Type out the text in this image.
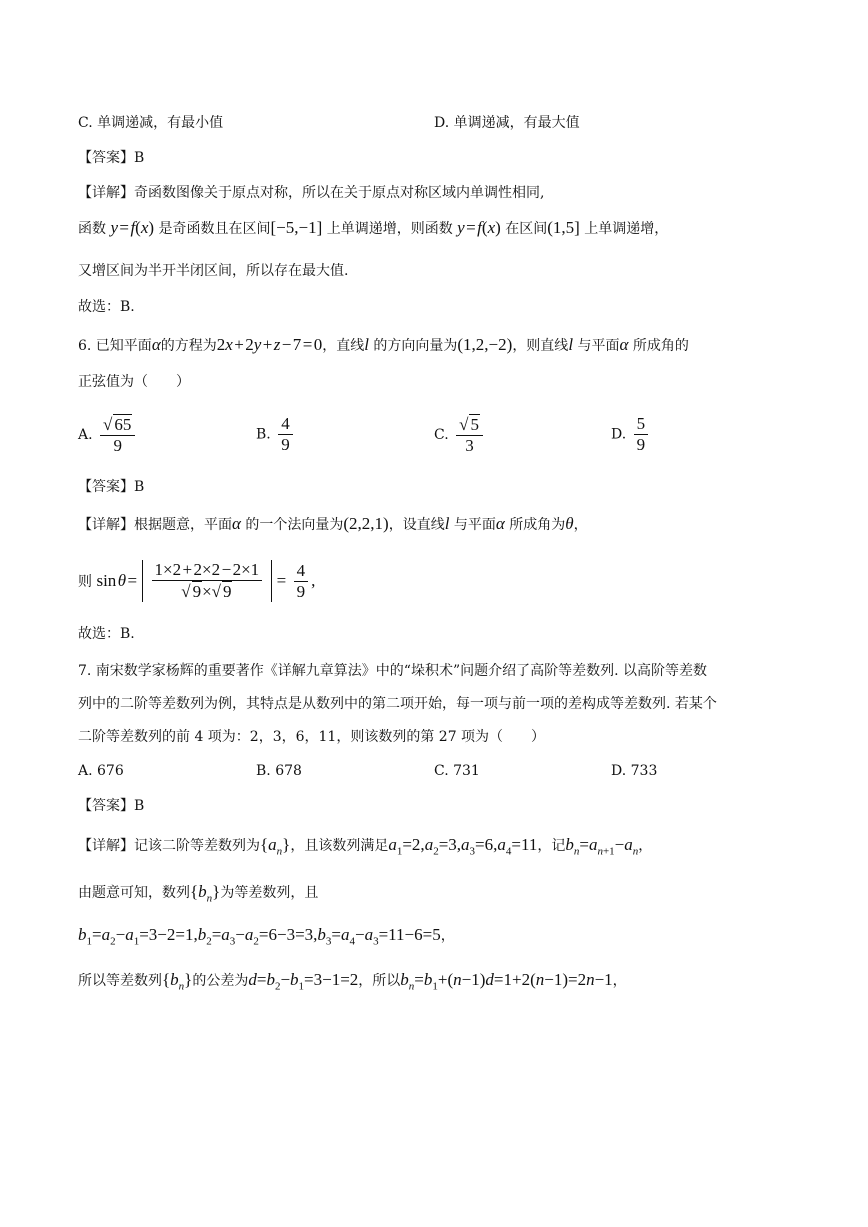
C. 单调递减，有最小值	D. 单调递减，有最大值
【答案】B
【详解】奇函数图像关于原点对称，所以在关于原点对称区域内单调性相同,
函数 y = f(x) 是奇函数且在区间[−5,−1] 上单调递增，则函数 y = f(x) 在区间(1,5] 上单调递增，
又增区间为半开半闭区间，所以存在最大值.
故选：B.
6. 已知平面α的方程为2x + 2y + z − 7 = 0，直线l 的方向向量为(1,2,−2)，则直线l 与平面α 所成角的
正弦值为（　　）
A. $\frac{√ 65}{9}$	B. $\frac{4}{9}$	C. $\frac{√ 5}{3}$	D. $\frac{5}{9}$
【答案】B
【详解】根据题意，平面α 的一个法向量为(2,2,1)，设直线l 与平面α 所成角为θ，
则 sin θ = $\frac{1\times 2 + 2\times 2 - 2\times 1}{√ 9\times√ 9} = \frac{4}{9}$ ,
故选：B.
7. 南宋数学家杨辉的重要著作《详解九章算法》中的“垛积术”问题介绍了高阶等差数列. 以高阶等差数
列中的二阶等差数列为例，其特点是从数列中的第二项开始，每一项与前一项的差构成等差数列. 若某个
二阶等差数列的前 4 项为：2，3，6，11，则该数列的第 27 项为（　　）
A. 676	B. 678	C. 731	D. 733
【答案】B
【详解】记该二阶等差数列为$\{a_n\}$，且该数列满足$a_1=2,a_2=3,a_3=6,a_4=11$，记$b_n=a_{n+1}-a_n$，
由题意可知，数列$\{b_n\}$为等差数列，且
$b_1=a_2-a_1=3-2=1,b_2=a_3-a_2=6-3=3,b_3=a_4-a_3=11-6=5$，
所以等差数列$\{b_n\}$的公差为$d=b_2-b_1=3-1=2$，所以$b_n=b_1+(n-1)d=1+2(n-1)=2n-1$，
